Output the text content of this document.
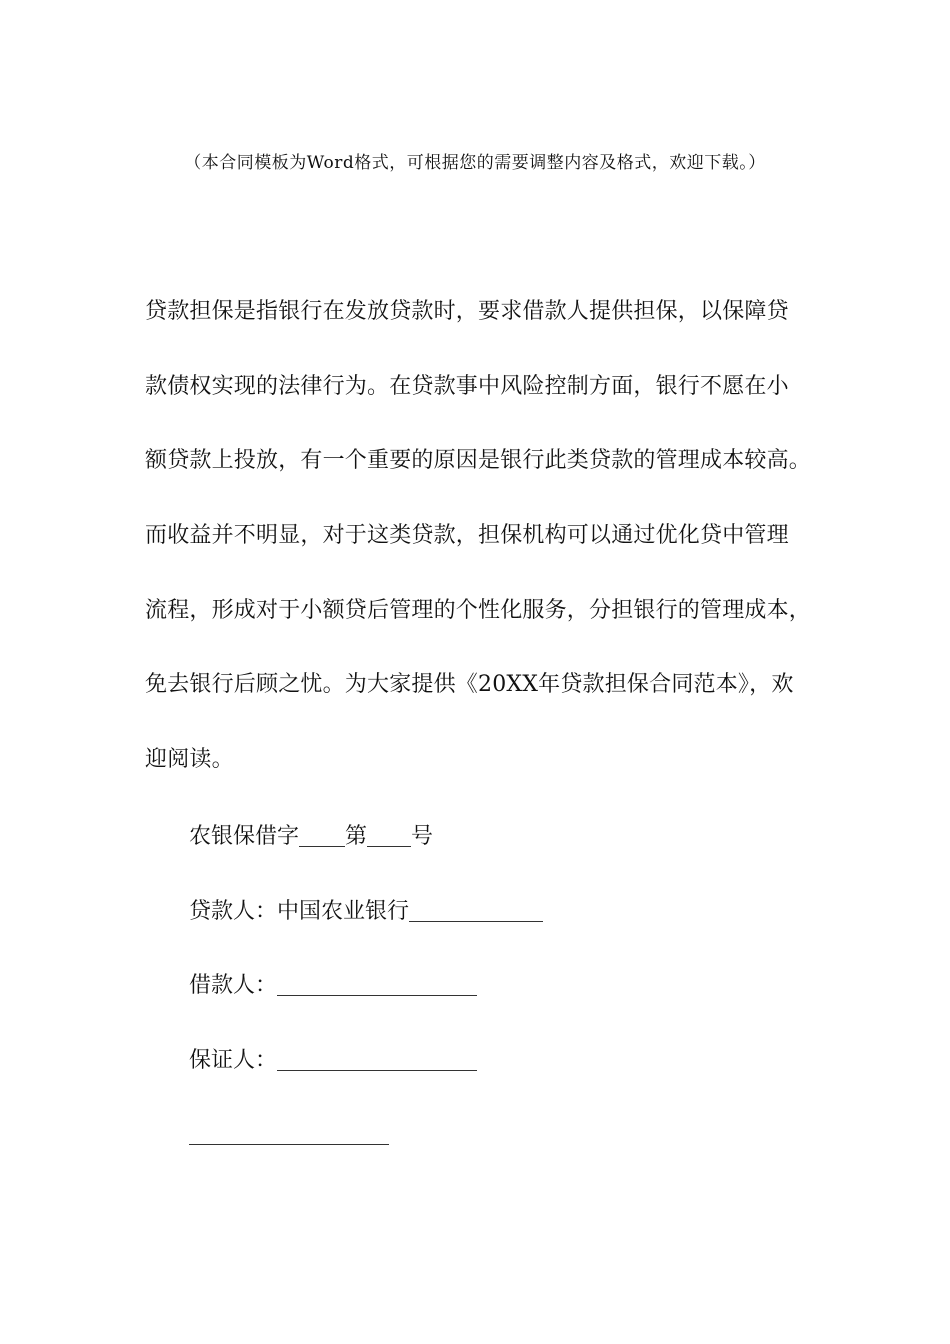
（本合同模板为Word格式，可根据您的需要调整内容及格式，欢迎下载。）
贷款担保是指银行在发放贷款时，要求借款人提供担保，以保障贷
款债权实现的法律行为。在贷款事中风险控制方面，银行不愿在小
额贷款上投放，有一个重要的原因是银行此类贷款的管理成本较高。
而收益并不明显，对于这类贷款，担保机构可以通过优化贷中管理
流程，形成对于小额贷后管理的个性化服务，分担银行的管理成本，
免去银行后顾之忧。为大家提供《20XX年贷款担保合同范本》，欢
迎阅读。
农银保借字 第 号
贷款人：中国农业银行
借款人：
保证人：
